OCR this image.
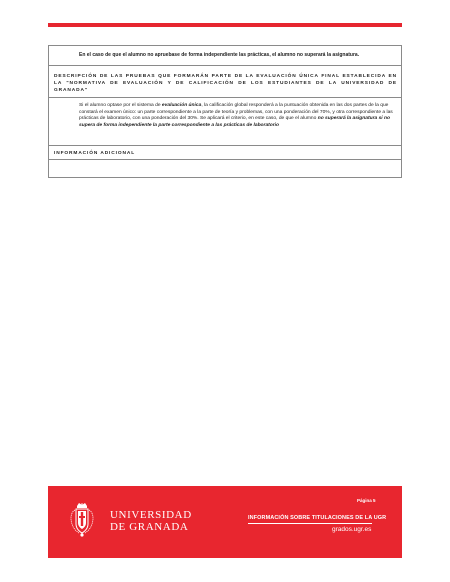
En el caso de que el alumno no apruebase de forma independiente las prácticas, el alumno no superará la asignatura.
DESCRIPCIÓN DE LAS PRUEBAS QUE FORMARÁN PARTE DE LA EVALUACIÓN ÚNICA FINAL ESTABLECIDA EN LA "NORMATIVA DE EVALUACIÓN Y DE CALIFICACIÓN DE LOS ESTUDIANTES DE LA UNIVERSIDAD DE GRANADA"
Si el alumno optase por el sistema de evaluación única, la calificación global responderá a la puntuación obtenida en las dos partes de la que constará el examen único: un parte correspondiente a la parte de teoría y problemas, con una ponderación del 70%, y otra correspondiente a las prácticas de laboratorio, con una ponderación del 30%. Se aplicará el criterio, en este caso, de que el alumno no superará la asignatura si no supera de forma independiente la parte correspondiente a las prácticas de laboratorio
INFORMACIÓN ADICIONAL
UNIVERSIDAD
DE GRANADA
Página 5
INFORMACIÓN SOBRE TITULACIONES DE LA UGR
grados.ugr.es
